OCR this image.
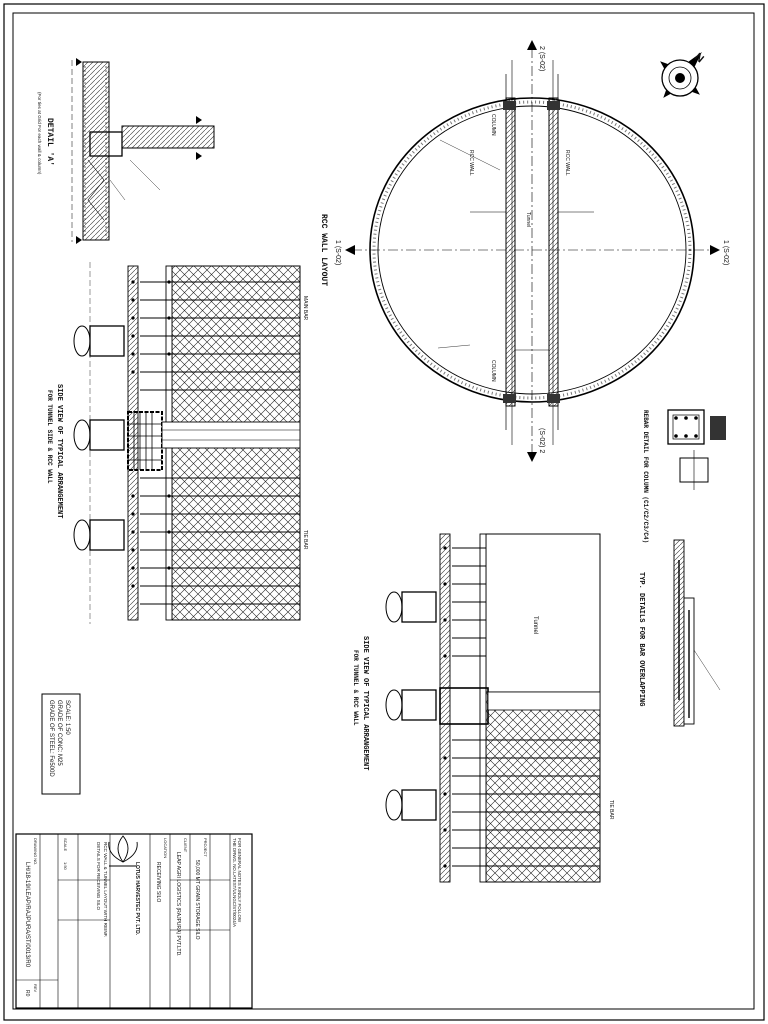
2 (S-02)
(S-02) 2
1 (S-02)	1 (S-02)
Tunnel
RCC WALL	RCC WALL
COLUMN
COLUMN
RCC WALL LAYOUT
N
DETAIL 'A'
(For ties at Grid For each wall & column)
MAIN BAR
TIE BAR
SIDE VIEW OF TYPICAL ARRANGEMENT
FOR TUNNEL SIDE & RCC WALL
SCALE: 1:50
GRADE OF CONC: M25
GRADE OF STEEL: Fe500D
Tunnel
TIE BAR
SIDE VIEW OF TYPICAL ARRANGEMENT
FOR TUNNEL & RCC WALL
REBAR DETAIL FOR COLUMN (C1/C2/C3/C4)
TYP. DETAILS FOR BAR OVERLAPPING
FOR GENERAL NOTES KINDLY FOLLOW
THE DRWG. NO.LATEST/ULNGC/ST/0024/A
PROJECT
50,000 MT GRAIN STORAGE SILO
CLIENT
LEAP AGRI LOGISTICS (RAJPURA) PVT.LTD.
LOCATION
RECEIVING SILO
LOTUS HARVESTEC PVT. LTD.
RCC WALL & TUNNEL LAYOUT WITH REINF.
DETAILS FOR RECEIVING SILO
SCALE
1:50
DRAWING NO.
LH/18-19/LEAP/RAJPURA/ST/0013/R0
REV
R0
